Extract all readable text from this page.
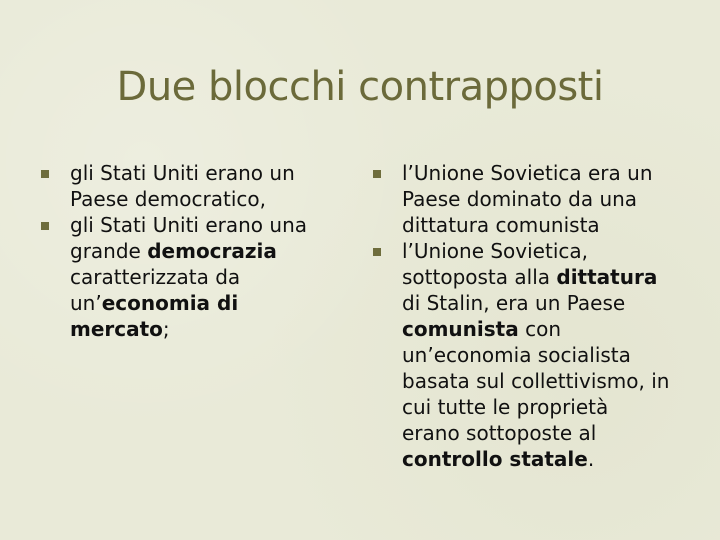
Due blocchi contrapposti
gli Stati Uniti erano un Paese democratico,
gli Stati Uniti erano una grande democrazia caratterizzata da un’economia di mercato;
l’Unione Sovietica era un Paese dominato da una dittatura comunista
l’Unione Sovietica, sottoposta alla dittatura di Stalin, era un Paese comunista con un’economia socialista basata sul collettivismo, in cui tutte le proprietà erano sottoposte al controllo statale.
